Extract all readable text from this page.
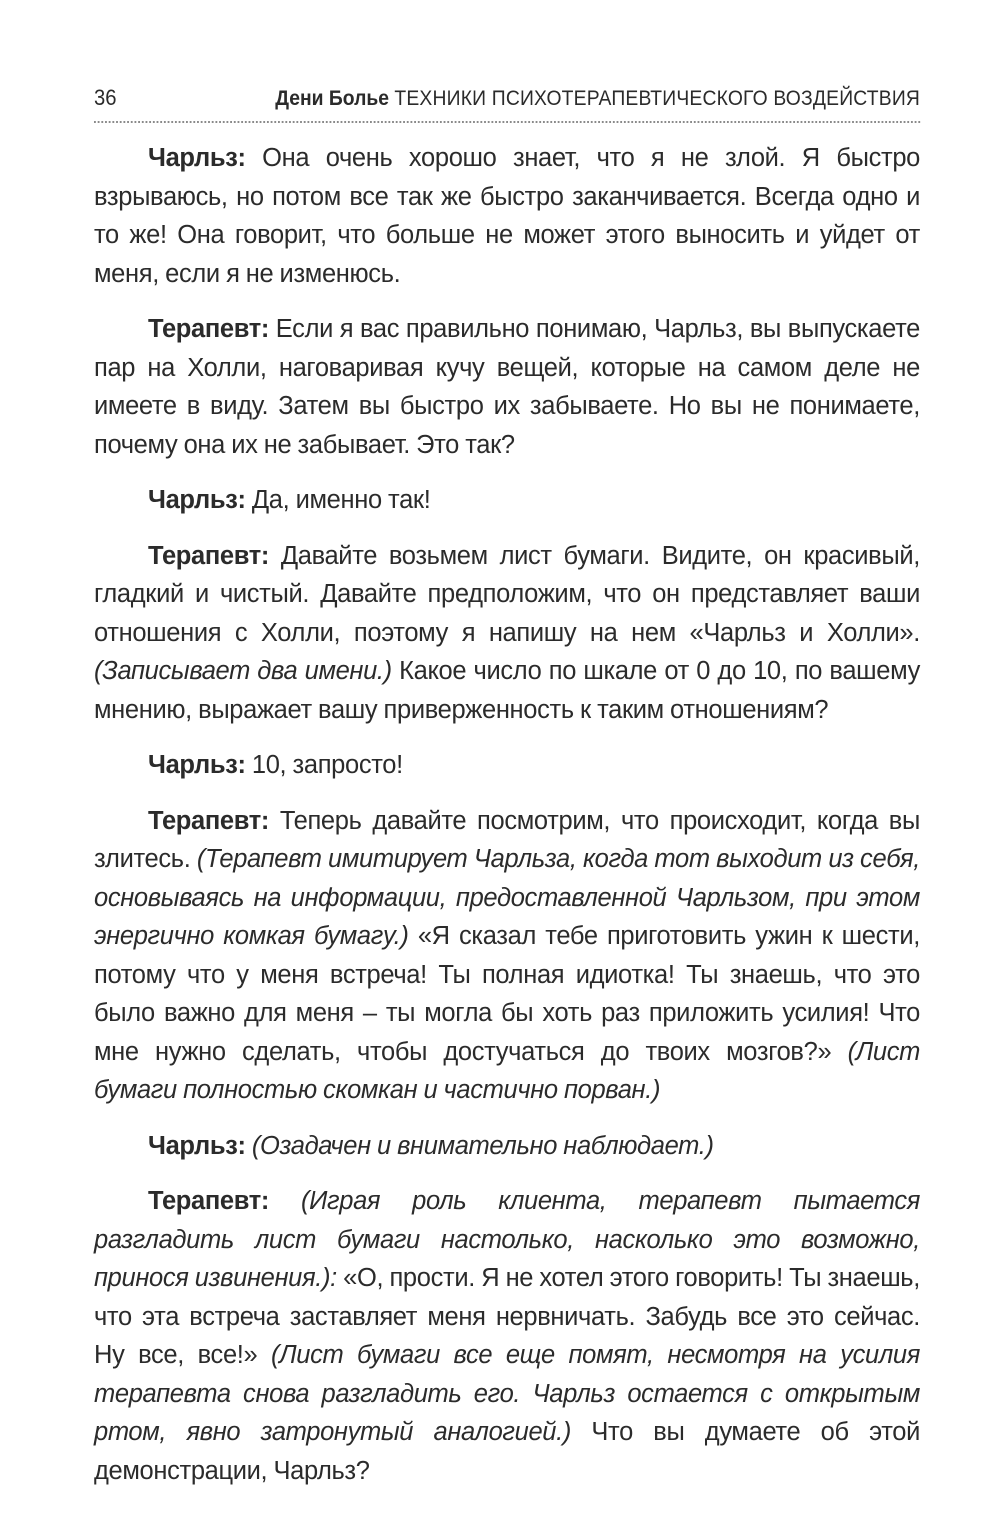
36	Дени Болье ТЕХНИКИ ПСИХОТЕРАПЕВТИЧЕСКОГО ВОЗДЕЙСТВИЯ

Чарльз: Она очень хорошо знает, что я не злой. Я быстро взрываюсь, но потом все так же быстро заканчивается. Всегда одно и то же! Она говорит, что больше не может этого выносить и уйдет от меня, если я не изменюсь.

Терапевт: Если я вас правильно понимаю, Чарльз, вы выпускаете пар на Холли, наговаривая кучу вещей, которые на самом деле не имеете в виду. Затем вы быстро их забываете. Но вы не понимаете, почему она их не забывает. Это так?

Чарльз: Да, именно так!

Терапевт: Давайте возьмем лист бумаги. Видите, он красивый, гладкий и чистый. Давайте предположим, что он представляет ваши отношения с Холли, поэтому я напишу на нем «Чарльз и Холли». (Записывает два имени.) Какое число по шкале от 0 до 10, по вашему мнению, выражает вашу приверженность к таким отношениям?

Чарльз: 10, запросто!

Терапевт: Теперь давайте посмотрим, что происходит, когда вы злитесь. (Терапевт имитирует Чарльза, когда тот выходит из себя, основываясь на информации, предоставленной Чарльзом, при этом энергично комкая бумагу.) «Я сказал тебе приготовить ужин к шести, потому что у меня встреча! Ты полная идиотка! Ты знаешь, что это было важно для меня – ты могла бы хоть раз приложить усилия! Что мне нужно сделать, чтобы достучаться до твоих мозгов?» (Лист бумаги полностью скомкан и частично порван.)

Чарльз: (Озадачен и внимательно наблюдает.)

Терапевт: (Играя роль клиента, терапевт пытается разгладить лист бумаги настолько, насколько это возможно, принося извинения.): «О, прости. Я не хотел этого говорить! Ты знаешь, что эта встреча заставляет меня нервничать. Забудь все это сейчас. Ну все, все!» (Лист бумаги все еще помят, несмотря на усилия терапевта снова разгладить его. Чарльз остается с открытым ртом, явно затронутый аналогией.) Что вы думаете об этой демонстрации, Чарльз?
